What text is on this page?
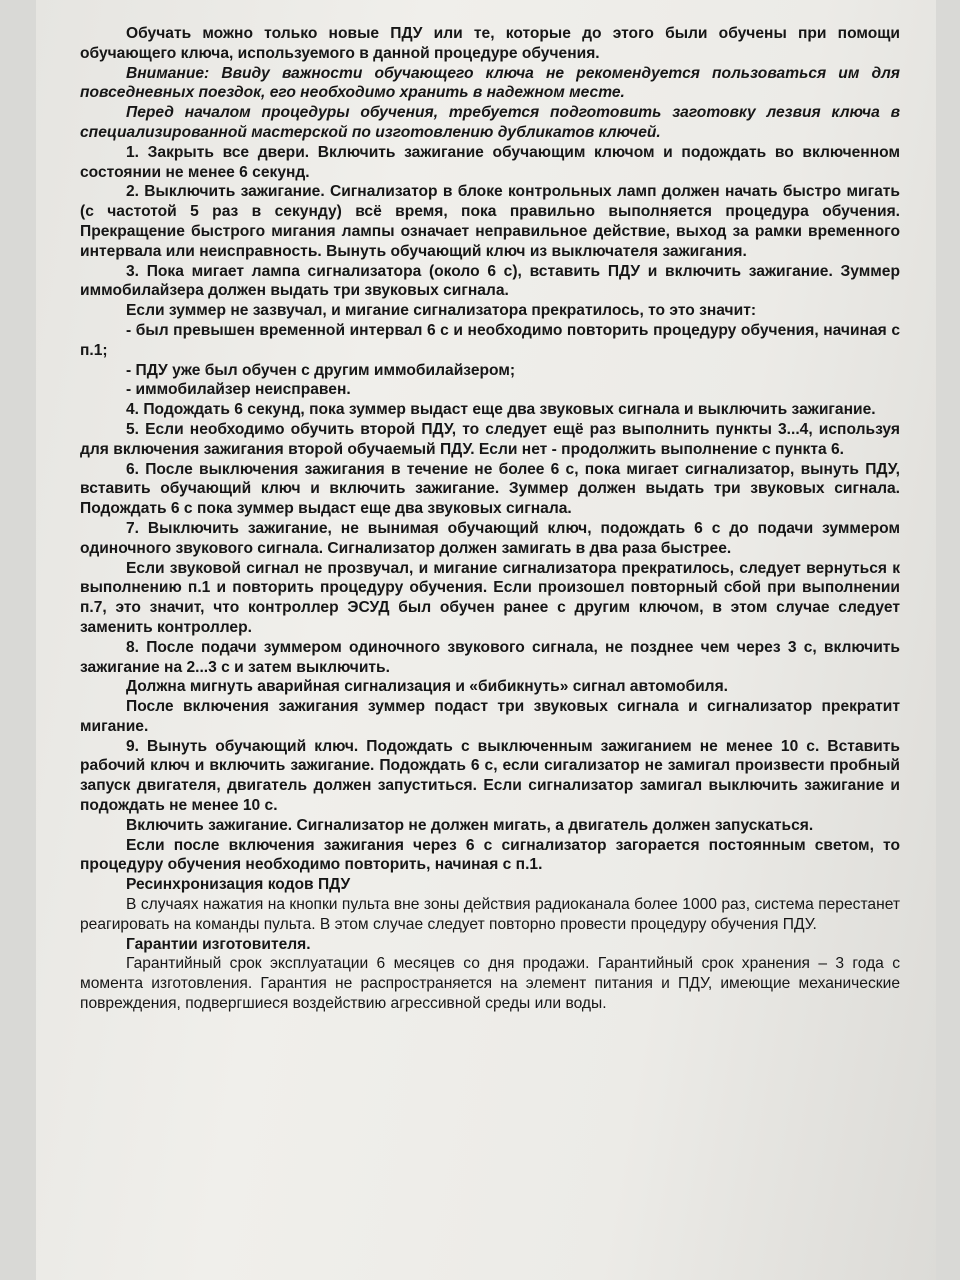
Обучать можно только новые ПДУ или те, которые до этого были обучены при помощи обучающего ключа, используемого в данной процедуре обучения.

Внимание: Ввиду важности обучающего ключа не рекомендуется пользоваться им для повседневных поездок, его необходимо хранить в надежном месте.

Перед началом процедуры обучения, требуется подготовить заготовку лезвия ключа в специализированной мастерской по изготовлению дубликатов ключей.

1. Закрыть все двери. Включить зажигание обучающим ключом и подождать во включенном состоянии не менее 6 секунд.

2. Выключить зажигание. Сигнализатор в блоке контрольных ламп должен начать быстро мигать (с частотой 5 раз в секунду) всё время, пока правильно выполняется процедура обучения. Прекращение быстрого мигания лампы означает неправильное действие, выход за рамки временного интервала или неисправность. Вынуть обучающий ключ из выключателя зажигания.

3. Пока мигает лампа сигнализатора (около 6 с), вставить ПДУ и включить зажигание. Зуммер иммобилайзера должен выдать три звуковых сигнала.

Если зуммер не зазвучал, и мигание сигнализатора прекратилось, то это значит:

- был превышен временной интервал 6 с и необходимо повторить процедуру обучения, начиная с п.1;

- ПДУ уже был обучен с другим иммобилайзером;

- иммобилайзер неисправен.

4. Подождать 6 секунд, пока зуммер выдаст еще два звуковых сигнала и выключить зажигание.

5. Если необходимо обучить второй ПДУ, то следует ещё раз выполнить пункты 3...4, используя для включения зажигания второй обучаемый ПДУ. Если нет - продолжить выполнение с пункта 6.

6. После выключения зажигания в течение не более 6 с, пока мигает сигнализатор, вынуть ПДУ, вставить обучающий ключ и включить зажигание. Зуммер должен выдать три звуковых сигнала. Подождать 6 с пока зуммер выдаст еще два звуковых сигнала.

7. Выключить зажигание, не вынимая обучающий ключ, подождать 6 с до подачи зуммером одиночного звукового сигнала. Сигнализатор должен замигать в два раза быстрее.

Если звуковой сигнал не прозвучал, и мигание сигнализатора прекратилось, следует вернуться к выполнению п.1 и повторить процедуру обучения. Если произошел повторный сбой при выполнении п.7, это значит, что контроллер ЭСУД был обучен ранее с другим ключом, в этом случае следует заменить контроллер.

8. После подачи зуммером одиночного звукового сигнала, не позднее чем через 3 с, включить зажигание на 2...3 с и затем выключить.

Должна мигнуть аварийная сигнализация и «бибикнуть» сигнал автомобиля.

После включения зажигания зуммер подаст три звуковых сигнала и сигнализатор прекратит мигание.

9. Вынуть обучающий ключ. Подождать с выключенным зажиганием не менее 10 с. Вставить рабочий ключ и включить зажигание. Подождать 6 с, если сигализатор не замигал произвести пробный запуск двигателя, двигатель должен запуститься. Если сигнализатор замигал выключить зажигание и подождать не менее 10 с.

Включить зажигание. Сигнализатор не должен мигать, а двигатель должен запускаться.

Если после включения зажигания через 6 с сигнализатор загорается постоянным светом, то процедуру обучения необходимо повторить, начиная с п.1.

Ресинхронизация кодов ПДУ

В случаях нажатия на кнопки пульта вне зоны действия радиоканала более 1000 раз, система перестанет реагировать на команды пульта. В этом случае следует повторно провести процедуру обучения ПДУ.

Гарантии изготовителя.

Гарантийный срок эксплуатации 6 месяцев со дня продажи. Гарантийный срок хранения – 3 года с момента изготовления. Гарантия не распространяется на элемент питания и ПДУ, имеющие механические повреждения, подвергшиеся воздействию агрессивной среды или воды.
